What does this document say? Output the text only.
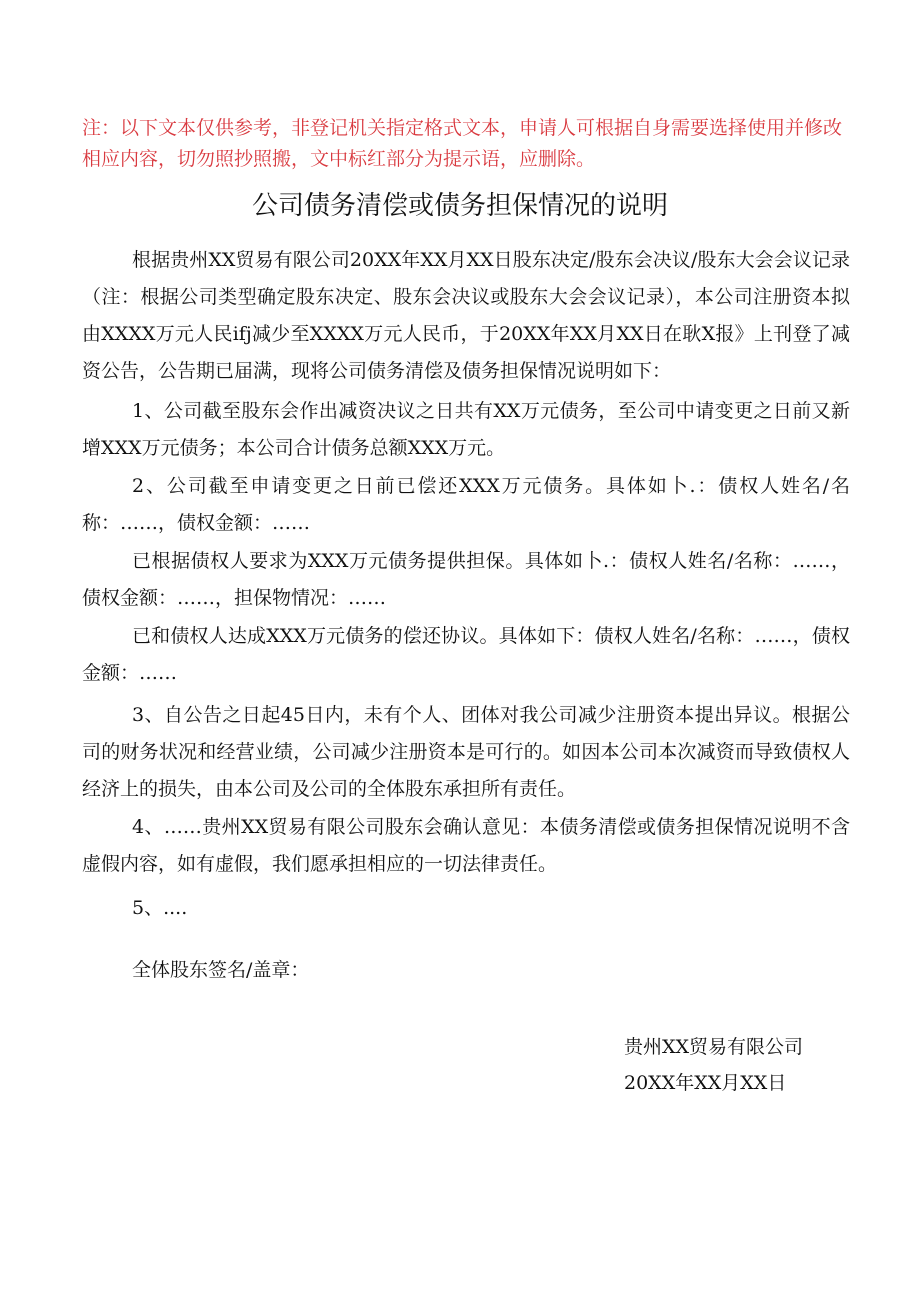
注：以下文本仅供参考，非登记机关指定格式文本，申请人可根据自身需要选择使用并修改相应内容，切勿照抄照搬，文中标红部分为提示语，应删除。

公司债务清偿或债务担保情况的说明

根据贵州XX贸易有限公司20XX年XX月XX日股东决定/股东会决议/股东大会会议记录（注：根据公司类型确定股东决定、股东会决议或股东大会会议记录），本公司注册资本拟由XXXX万元人民ifj减少至XXXX万元人民币，于20XX年XX月XX日在耿X报》上刊登了减资公告，公告期已届满，现将公司债务清偿及债务担保情况说明如下：

1、公司截至股东会作出减资决议之日共有XX万元债务，至公司中请变更之日前又新增XXX万元债务；本公司合计债务总额XXX万元。

2、公司截至申请变更之日前已偿还XXX万元债务。具体如卜.：债权人姓名/名称：……，债权金额：……

已根据债权人要求为XXX万元债务提供担保。具体如卜.：债权人姓名/名称：……，债权金额：……，担保物情况：……

已和债权人达成XXX万元债务的偿还协议。具体如下：债权人姓名/名称：……，债权金额：……

3、自公告之日起45日内，未有个人、团体对我公司减少注册资本提出异议。根据公司的财务状况和经营业绩，公司减少注册资本是可行的。如因本公司本次减资而导致债权人经济上的损失，由本公司及公司的全体股东承担所有责任。

4、……贵州XX贸易有限公司股东会确认意见：本债务清偿或债务担保情况说明不含虚假内容，如有虚假，我们愿承担相应的一切法律责任。

5、....

全体股东签名/盖章：

贵州XX贸易有限公司

20XX年XX月XX日
